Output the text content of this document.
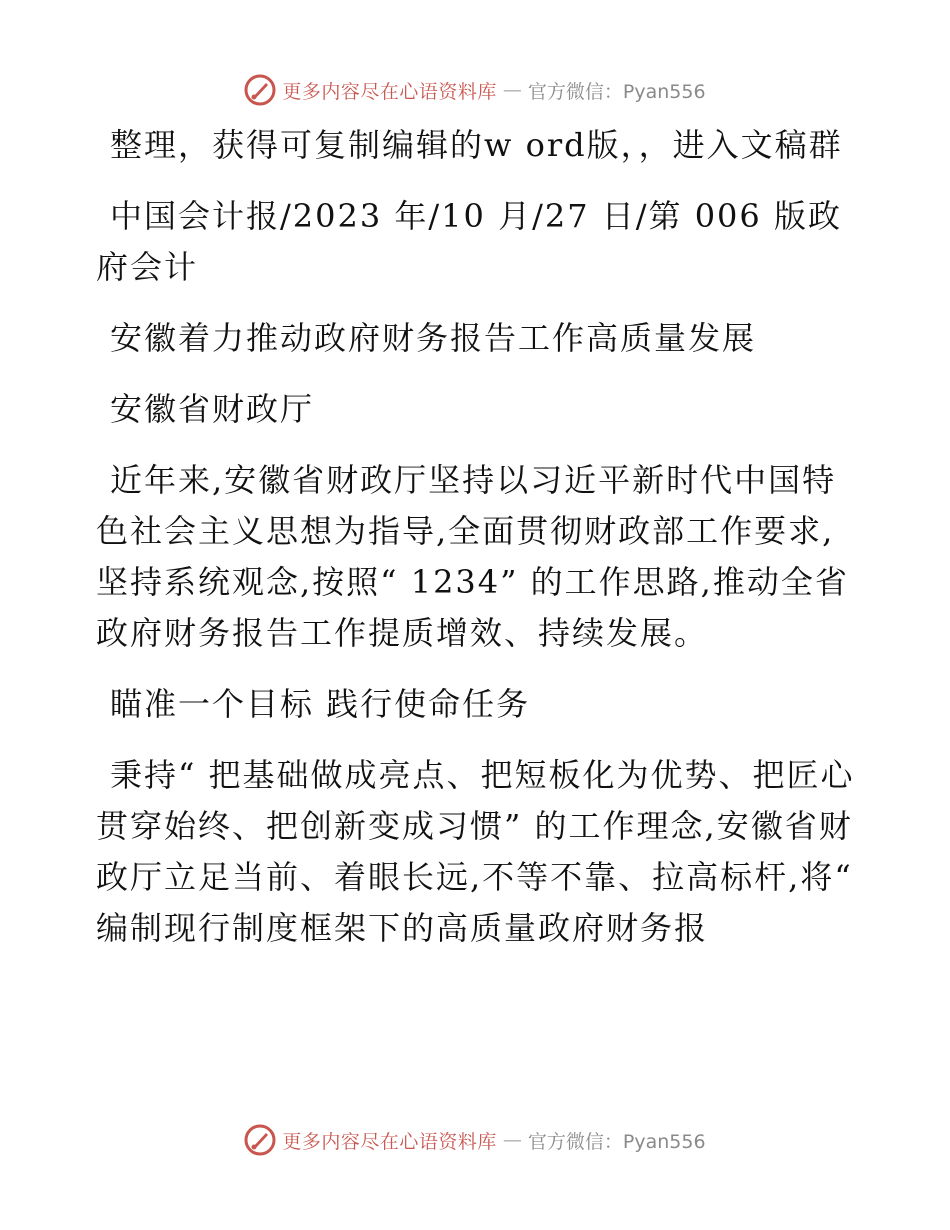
更多内容尽在心语资料库 — 官方微信：Pyan556

整理，获得可复制编辑的w ord版，，进入文稿群

中国会计报/2023 年/10 月/27 日/第 006 版政府会计

安徽着力推动政府财务报告工作高质量发展

安徽省财政厅

近年来,安徽省财政厅坚持以习近平新时代中国特色社会主义思想为指导,全面贯彻财政部工作要求,坚持系统观念,按照“ 1234” 的工作思路,推动全省政府财务报告工作提质增效、持续发展。

瞄准一个目标 践行使命任务

秉持“ 把基础做成亮点、把短板化为优势、把匠心贯穿始终、把创新变成习惯” 的工作理念,安徽省财政厅立足当前、着眼长远,不等不靠、拉高标杆,将“ 编制现行制度框架下的高质量政府财务报

更多内容尽在心语资料库 — 官方微信：Pyan556
